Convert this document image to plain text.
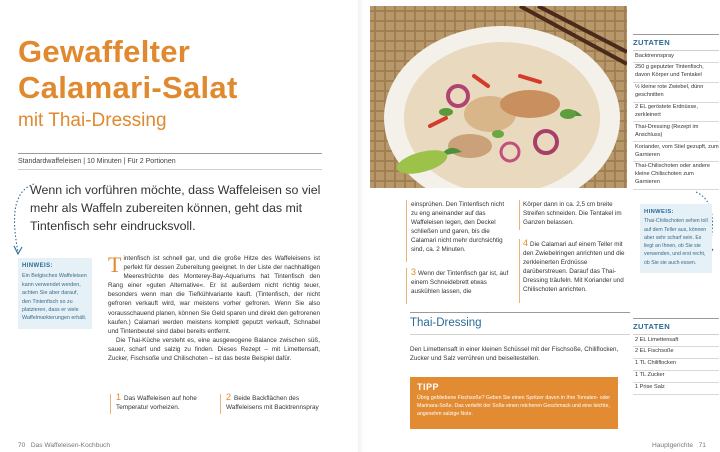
Gewaffelter
Calamari-Salat
mit Thai-Dressing
Standardwaffeleisen | 10 Minuten | Für 2 Portionen
Wenn ich vorführen möchte, dass Waffeleisen so viel mehr als Waffeln zubereiten können, geht das mit Tintenfisch sehr eindrucksvoll.
HINWEIS:
Ein Belgisches Waffeleisen kann verwendet werden, achten Sie aber darauf, den Tintenfisch so zu platzieren, dass er viele Waffelmarkierungen erhält.

Tintenfisch ist schnell gar, und die große Hitze des Waffeleisens ist perfekt für dessen Zubereitung geeignet. In der Liste der nachhaltigen Meeresfrüchte des Monterey-Bay-Aquariums hat Tintenfisch den Rang einer »guten Alternative«. Er ist außerdem nicht richtig teuer, besonders wenn man die Tiefkühlvariante kauft. (Tintenfisch, der nicht gefroren verkauft wird, war meistens vorher gefroren. Wenn Sie also vorausschauend planen, können Sie Geld sparen und direkt den gefrorenen kaufen.) Calamari werden meistens komplett geputzt verkauft, Schnabel und Tintenbeutel sind dabei bereits entfernt.

Die Thai-Küche versteht es, eine ausgewogene Balance zwischen süß, sauer, scharf und salzig zu finden. Dieses Rezept – mit Limettensaft, Zucker, Fischsoße und Chilischoten – ist das beste Beispiel dafür.

1 Das Waffeleisen auf hohe Temperatur vorheizen.
2 Beide Backflächen des Waffeleisens mit Backtrennspray
70 Das Waffeleisen-Kochbuch
einsprühen. Den Tintenfisch nicht zu eng aneinander auf das Waffeleisen legen, den Deckel schließen und garen, bis die Calamari nicht mehr durchsichtig sind, ca. 2 Minuten.
3 Wenn der Tintenfisch gar ist, auf einem Schneidebrett etwas auskühlen lassen, die
Körper dann in ca. 2,5 cm breite Streifen schneiden. Die Tentakel im Ganzen belassen.
4 Die Calamari auf einem Teller mit den Zwiebelringen anrichten und die zerkleinerten Erdnüsse darüberstreuen. Darauf das Thai-Dressing träufeln. Mit Koriander und Chilischoten anrichten.
Thai-Dressing
Den Limettensaft in einer kleinen Schüssel mit der Fischsoße, Chiliflocken, Zucker und Salz verrühren und beiseitestellen.
TIPP
Übrig gebliebene Fischsoße? Geben Sie einen Spritzer davon in Ihre Tomaten- oder Marinara-Soße. Das verleiht der Soße einen reicheren Geschmack und eine leichte, angenehm salzige Note.
Hauptgerichte 71
ZUTATEN
Backtrennspray
250 g geputzter Tintenfisch, davon Körper und Tentakel
½ kleine rote Zwiebel, dünn geschnitten
2 EL geröstete Erdnüsse, zerkleinert
Thai-Dressing (Rezept im Anschluss)
Koriander, vom Stiel gezupft, zum Garnieren
Thai-Chilischoten oder andere kleine Chilischoten zum Garnieren
HINWEIS:
Thai-Chilischoten sehen toll auf dem Teller aus, können aber sehr scharf sein. Es liegt an Ihnen, ob Sie sie verwenden, und erst recht, ob Sie sie auch essen.
ZUTATEN
2 EL Limettensaft
2 EL Fischsoße
1 TL Chiliflocken
1 TL Zucker
1 Prise Salz
